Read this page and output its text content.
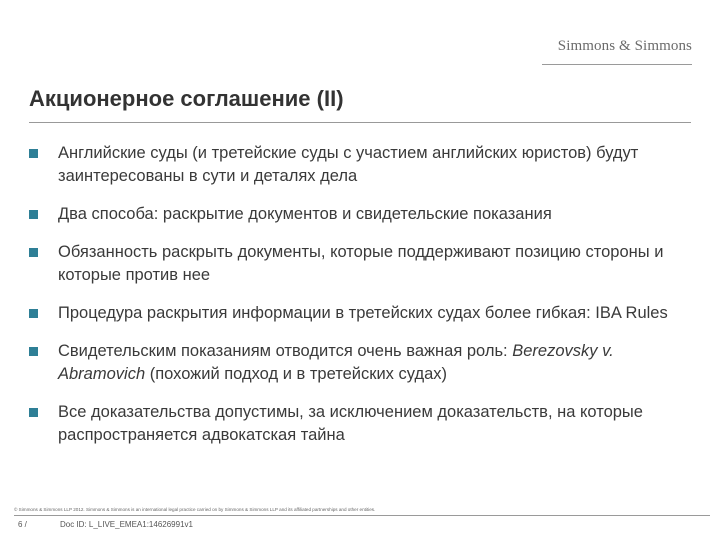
Simmons & Simmons
Акционерное соглашение (II)
Английские суды (и третейские суды с участием английских юристов) будут заинтересованы в сути и деталях дела
Два способа: раскрытие документов и свидетельские показания
Обязанность раскрыть документы, которые поддерживают позицию стороны и которые против нее
Процедура раскрытия информации в третейских судах более гибкая: IBA Rules
Свидетельским показаниям отводится очень важная роль: Berezovsky v. Abramovich (похожий подход и в третейских судах)
Все доказательства допустимы, за исключением доказательств, на которые распространяется адвокатская тайна
© Simmons & Simmons LLP 2012. Simmons & Simmons is an international legal practice carried on by Simmons & Simmons LLP and its affiliated partnerships and other entities.
6 /	Doc ID: L_LIVE_EMEA1:14626991v1
